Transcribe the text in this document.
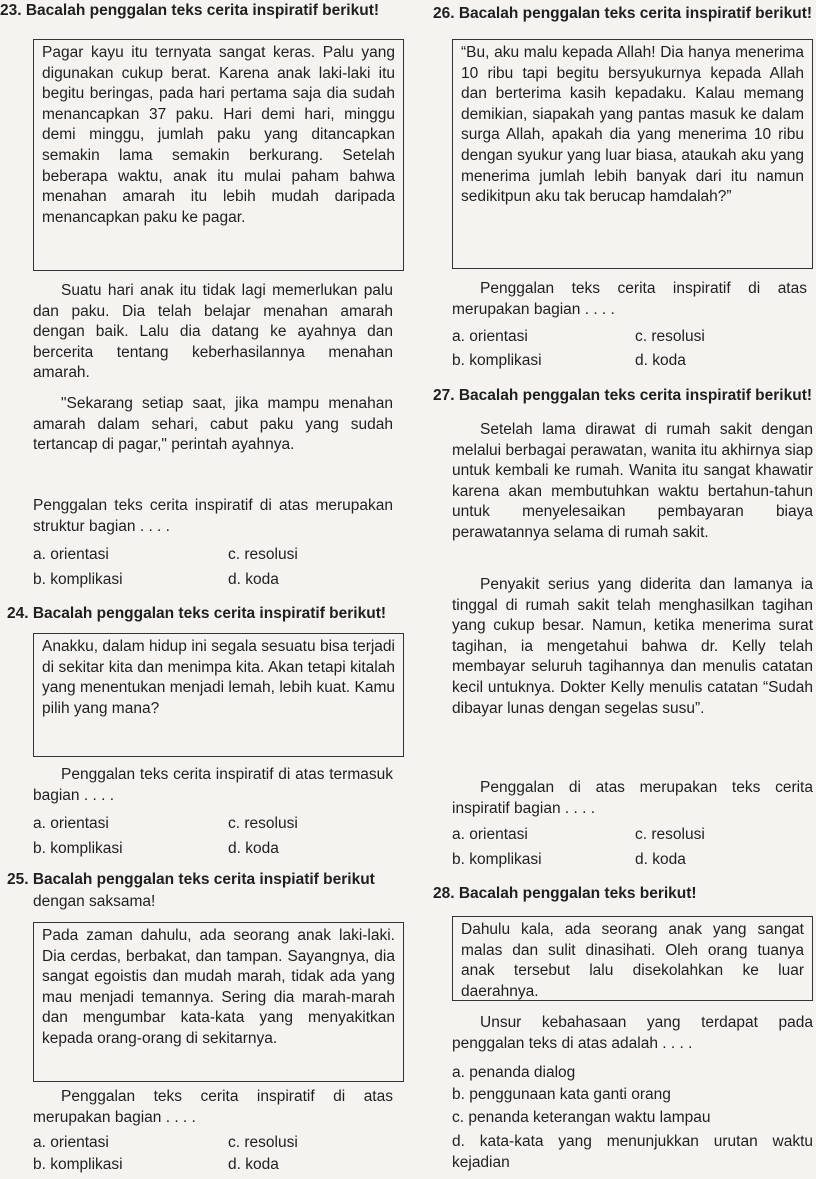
23. Bacalah penggalan teks cerita inspiratif berikut!

Pagar kayu itu ternyata sangat keras. Palu yang digunakan cukup berat. Karena anak laki-laki itu begitu beringas, pada hari pertama saja dia sudah menancapkan 37 paku. Hari demi hari, minggu demi minggu, jumlah paku yang ditancapkan semakin lama semakin berkurang. Setelah beberapa waktu, anak itu mulai paham bahwa menahan amarah itu lebih mudah daripada menancapkan paku ke pagar.

Suatu hari anak itu tidak lagi memerlukan palu dan paku. Dia telah belajar menahan amarah dengan baik. Lalu dia datang ke ayahnya dan bercerita tentang keberhasilannya menahan amarah.

"Sekarang setiap saat, jika mampu menahan amarah dalam sehari, cabut paku yang sudah tertancap di pagar," perintah ayahnya.

Penggalan teks cerita inspiratif di atas merupakan struktur bagian . . . .

a. orientasi	c. resolusi
b. komplikasi	d. koda
24. Bacalah penggalan teks cerita inspiratif berikut!

Anakku, dalam hidup ini segala sesuatu bisa terjadi di sekitar kita dan menimpa kita. Akan tetapi kitalah yang menentukan menjadi lemah, lebih kuat. Kamu pilih yang mana?

Penggalan teks cerita inspiratif di atas termasuk bagian . . . .

a. orientasi	c. resolusi
b. komplikasi	d. koda
25. Bacalah penggalan teks cerita inspiatif berikut
dengan saksama!

Pada zaman dahulu, ada seorang anak laki-laki. Dia cerdas, berbakat, dan tampan. Sayangnya, dia sangat egoistis dan mudah marah, tidak ada yang mau menjadi temannya. Sering dia marah-marah dan mengumbar kata-kata yang menyakitkan kepada orang-orang di sekitarnya.

Penggalan teks cerita inspiratif di atas merupakan bagian . . . .

a. orientasi	c. resolusi
b. komplikasi	d. koda
26. Bacalah penggalan teks cerita inspiratif berikut!

“Bu, aku malu kepada Allah! Dia hanya menerima 10 ribu tapi begitu bersyukurnya kepada Allah dan berterima kasih kepadaku. Kalau memang demikian, siapakah yang pantas masuk ke dalam surga Allah, apakah dia yang menerima 10 ribu dengan syukur yang luar biasa, ataukah aku yang menerima jumlah lebih banyak dari itu namun sedikitpun aku tak berucap hamdalah?”

Penggalan teks cerita inspiratif di atas merupakan bagian . . . .

a. orientasi	c. resolusi
b. komplikasi	d. koda
27. Bacalah penggalan teks cerita inspiratif berikut!

Setelah lama dirawat di rumah sakit dengan melalui berbagai perawatan, wanita itu akhirnya siap untuk kembali ke rumah. Wanita itu sangat khawatir karena akan membutuhkan waktu bertahun-tahun untuk menyelesaikan pembayaran biaya perawatannya selama di rumah sakit.

Penyakit serius yang diderita dan lamanya ia tinggal di rumah sakit telah menghasilkan tagihan yang cukup besar. Namun, ketika menerima surat tagihan, ia mengetahui bahwa dr. Kelly telah membayar seluruh tagihannya dan menulis catatan kecil untuknya. Dokter Kelly menulis catatan “Sudah dibayar lunas dengan segelas susu”.

Penggalan di atas merupakan teks cerita inspiratif bagian . . . .

a. orientasi	c. resolusi
b. komplikasi	d. koda
28. Bacalah penggalan teks berikut!

Dahulu kala, ada seorang anak yang sangat malas dan sulit dinasihati. Oleh orang tuanya anak tersebut lalu disekolahkan ke luar daerahnya.

Unsur kebahasaan yang terdapat pada penggalan teks di atas adalah . . . .

a. penanda dialog
b. penggunaan kata ganti orang
c. penanda keterangan waktu lampau

d. kata-kata yang menunjukkan urutan waktu kejadian
